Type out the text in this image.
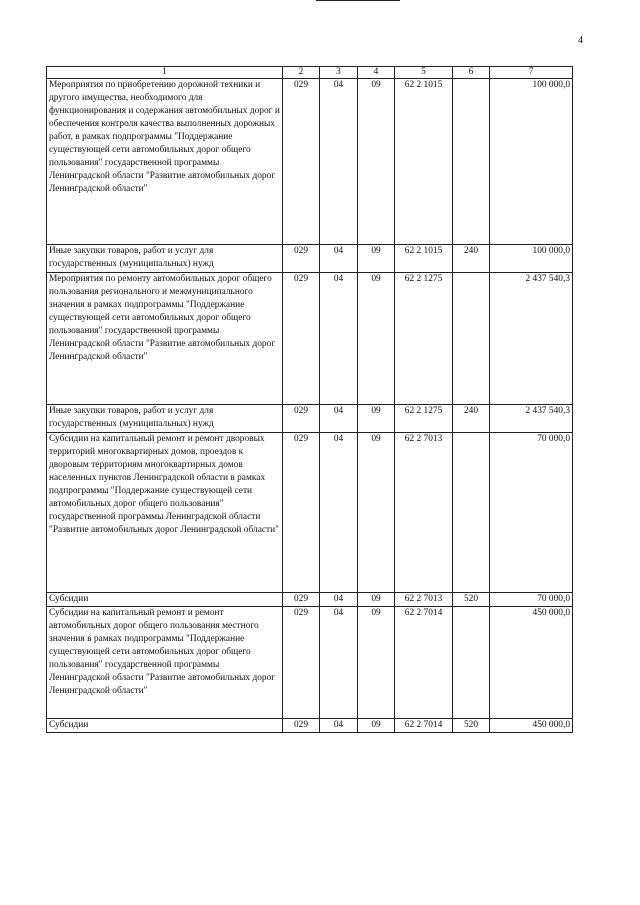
4
1	2	3	4	5	6	7
Мероприятия по приобретению дорожной техники и другого имущества, необходимого для функционирования и содержания автомобильных дорог и обеспечения контроля качества выполненных дорожных работ, в рамках подпрограммы "Поддержание существующей сети автомобильных дорог общего пользования" государственной программы Ленинградской области "Развитие автомобильных дорог Ленинградской области"	029	04	09	62 2 1015		100 000,0
Иные закупки товаров, работ и услуг для государственных (муниципальных) нужд	029	04	09	62 2 1015	240	100 000,0
Мероприятия по ремонту автомобильных дорог общего пользования регионального и межмуниципального значения в рамках подпрограммы "Поддержание существующей сети автомобильных дорог общего пользования" государственной программы Ленинградской области "Развитие автомобильных дорог Ленинградской области"	029	04	09	62 2 1275		2 437 540,3
Иные закупки товаров, работ и услуг для государственных (муниципальных) нужд	029	04	09	62 2 1275	240	2 437 540,3
Субсидии на капитальный ремонт и ремонт дворовых территорий многоквартирных домов, проездов к дворовым территориям многоквартирных домов населенных пунктов Ленинградской области в рамках подпрограммы "Поддержание существующей сети автомобильных дорог общего пользования" государственной программы Ленинградской области "Развитие автомобильных дорог Ленинградской области"	029	04	09	62 2 7013		70 000,0
Субсидии	029	04	09	62 2 7013	520	70 000,0
Субсидии на капитальный ремонт и ремонт автомобильных дорог общего пользования местного значения в рамках подпрограммы "Поддержание существующей сети автомобильных дорог общего пользования" государственной программы Ленинградской области "Развитие автомобильных дорог Ленинградской области"	029	04	09	62 2 7014		450 000,0
Субсидии	029	04	09	62 2 7014	520	450 000,0
